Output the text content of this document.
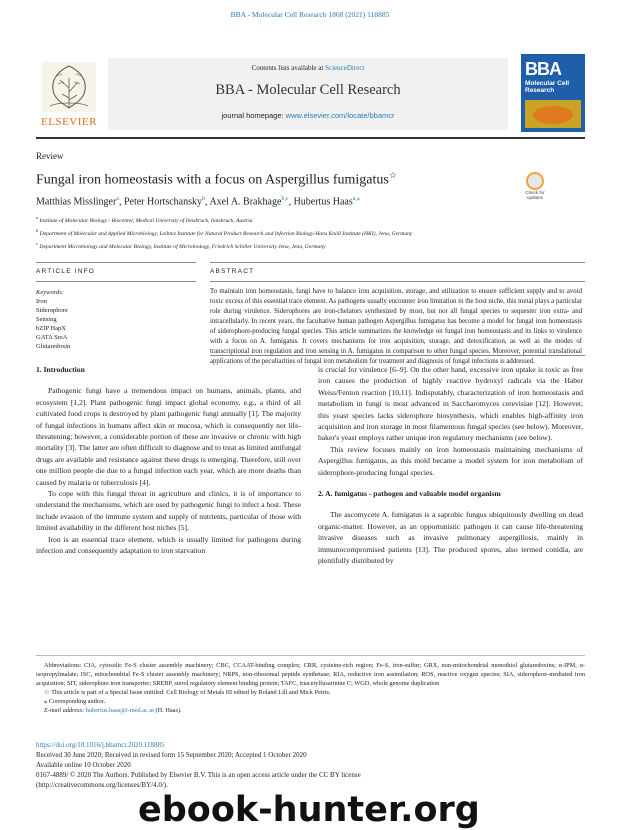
BBA - Molecular Cell Research 1868 (2021) 118885
ELSEVIER
Contents lists available at ScienceDirect
BBA - Molecular Cell Research
journal homepage: www.elsevier.com/locate/bbamcr
BBA
Molecular Cell Research
Review
Fungal iron homeostasis with a focus on Aspergillus fumigatus☆
Check for updates
Matthias Misslinger$^a$, Peter Hortschansky$^b$, Axel A. Brakhage$^{b,c}$, Hubertus Haas$^{a,⁎}$
$^a$ Institute of Molecular Biology - Biocenter, Medical University of Innsbruck, Innsbruck, Austria
$^b$ Department of Molecular and Applied Microbiology, Leibniz Institute for Natural Product Research and Infection Biology-Hans Knöll Institute (HKI), Jena, Germany
$^c$ Department Microbiology and Molecular Biology, Institute of Microbiology, Friedrich Schiller University Jena, Jena, Germany
ARTICLE INFO	ABSTRACT
Keywords:
Iron
Siderophore
Sensing
bZIP HapX
GATA SreA
Glutaredoxin
To maintain iron homeostasis, fungi have to balance iron acquisition, storage, and utilization to ensure sufficient supply and to avoid toxic excess of this essential trace element. As pathogens usually encounter iron limitation in the host niche, this metal plays a particular role during virulence. Siderophores are iron-chelators synthesized by most, but not all fungal species to sequester iron extra- and intracellularly. In recent years, the facultative human pathogen Aspergillus fumigatus has become a model for fungal iron homeostasis of siderophore-producing fungal species. This article summarizes the knowledge on fungal iron homeostasis and its links to virulence with a focus on A. fumigatus. It covers mechanisms for iron acquisition, storage, and detoxification, as well as the modes of transcriptional iron regulation and iron sensing in A. fumigatus in comparison to other fungal species. Moreover, potential translational applications of the peculiarities of fungal iron metabolism for treatment and diagnosis of fungal infections is addressed.
1. Introduction

Pathogenic fungi have a tremendous impact on humans, animals, plants, and ecosystem [1,2]. Plant pathogenic fungi impact global economy, e.g., a third of all cultivated food crops is destroyed by plant pathogenic fungi annually [1]. The majority of fungal infections in humans affect skin or mucosa, which is consequently not life-threatening; however, a considerable portion of these are invasive or chronic with high mortality [3]. The latter are often difficult to diagnose and to treat as limited antifungal drugs are available and resistance against these drugs is emerging. Therefore, still over one million people die due to a fungal infection each year, which are more deaths than caused by malaria or tuberculosis [4].

To cope with this fungal threat in agriculture and clinics, it is of importance to understand the mechanisms, which are used by pathogenic fungi to infect a host. These include evasion of the immune system and supply of nutrients, particular of those with limited availability in the different host niches [5].

Iron is an essential trace element, which is usually limited for pathogens during infection and consequently adaptation to iron starvation

is crucial for virulence [6–9]. On the other hand, excessive iron uptake is toxic as free iron causes the production of highly reactive hydroxyl radicals via the Haber Weiss/Fenton reaction [10,11]. Indisputably, characterization of iron homeostasis and metabolism in fungi is most advanced in Saccharomyces cerevisiae [12]. However, this yeast species lacks siderophore biosynthesis, which enables high-affinity iron acquisition and iron storage in most filamentous fungal species (see below). Moreover, baker's yeast employs rather unique iron regulatory mechanisms (see below).

This review focuses mainly on iron homeostasis maintaining mechanisms of Aspergillus fumigatus, as this mold became a model system for iron metabolism of siderophore-producing fungal species.

2. A. fumigatus - pathogen and valuable model organism

The ascomycete A. fumigatus is a saprobic fungus ubiquitously dwelling on dead organic-matter. However, as an opportunistic pathogen it can cause life-threatening invasive diseases such as invasive pulmonary aspergillosis, mainly in immunocompromised patients [13]. The produced spores, also termed conidia, are plentifully distributed by

Abbreviations: CIA, cytosolic Fe-S cluster assembly machinery; CBC, CCAAT-binding complex; CRR, cysteine-rich region; Fe-S, iron-sulfur; GRX, non-mitochondrial monothiol glutaredoxins; α-IPM, α-isopropylmalate; ISC, mitochondrial Fe-S cluster assembly machinery; NRPS, non-ribosomal peptide synthetase; RIA, reductive iron assimilation; ROS, reactive oxygen species; SIA, siderophore-mediated iron acquisition; SIT, siderophore iron transporter; SREBP, sterol regulatory element binding protein; TAFC, triacetylfusarinine C; WGD, whole genome duplication

☆ This article is part of a Special Issue entitled: Cell Biology of Metals III edited by Roland Lill and Mick Petris.

⁎ Corresponding author.

E-mail address: hubertus.haas@i-med.ac.at (H. Haas).

https://doi.org/10.1016/j.bbamcr.2020.118885
Received 30 June 2020; Received in revised form 15 September 2020; Accepted 1 October 2020
Available online 10 October 2020
0167-4889/ © 2020 The Authors. Published by Elsevier B.V. This is an open access article under the CC BY license
(http://creativecommons.org/licenses/BY/4.0/).
ebook-hunter.org
